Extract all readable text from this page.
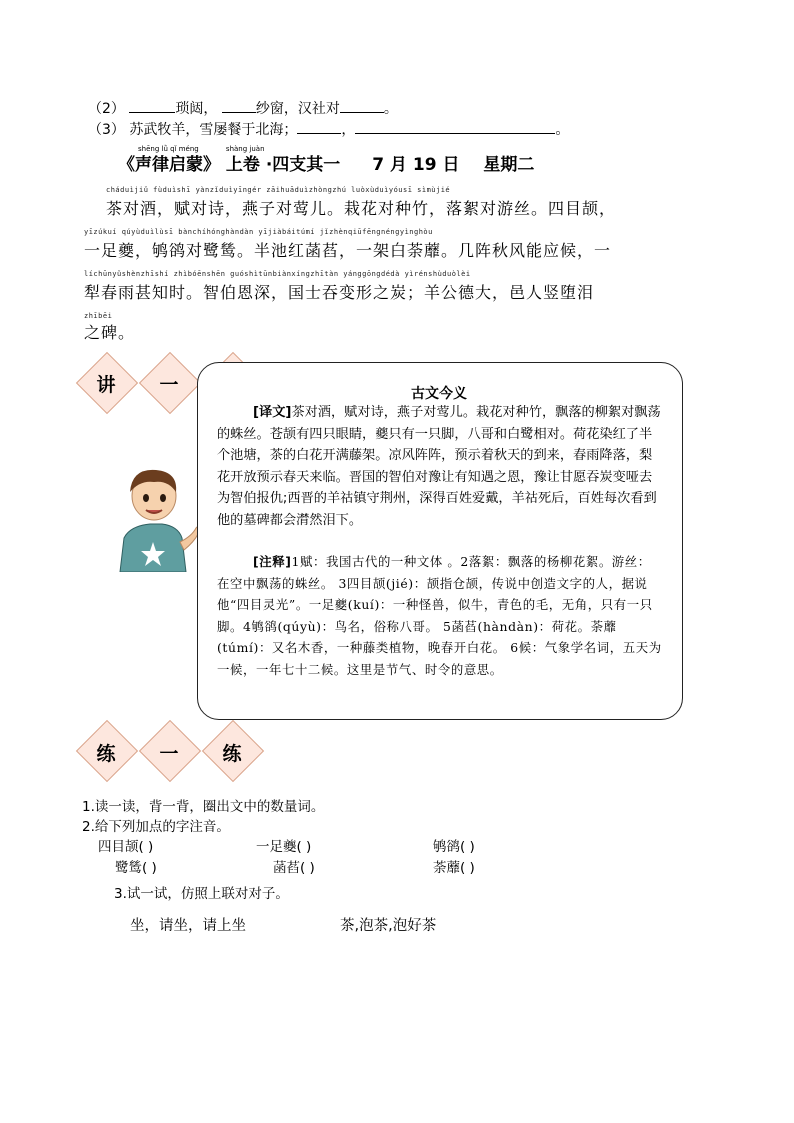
（2）	琐闼，	纱窗，汉社对	。
（3） 苏武牧羊，雪屡餐于北海；	，	。
shēng lǜ qǐ méng
《声律启蒙》
shàng juàn
上卷 ·四支其一 7 月 19 日 星期二
cháduìjiǔ fùduìshī yànzǐduìyīngér zāihuāduìzhòngzhú luòxùduìyóusī sìmùjié
茶对酒，赋对诗，燕子对莺儿。栽花对种竹，落絮对游丝。四目颉，
yīzúkuí qúyùduìlùsī bànchíhónghàndàn yījiàbáitúmí jǐzhènqiūfēngnéngyìnghòu
一足夔，鸲鹆对鹭鸶。半池红菡萏，一架白荼蘼。几阵秋风能应候，一
líchūnyǔshènzhīshí zhìbóēnshēn guóshìtūnbiànxíngzhītàn yánggōngdédà yìrénshùduòlèi
犁春雨甚知时。智伯恩深，国士吞变形之炭；羊公德大，邑人竖堕泪
zhībēi
之碑。
讲	一	古文今义
[译文]茶对酒，赋对诗，燕子对莺儿。栽花对种竹，飘落的柳絮对飘荡的蛛丝。苍颉有四只眼睛，夔只有一只脚，八哥和白鹭相对。荷花染红了半个池塘，茶的白花开满藤架。凉风阵阵，预示着秋天的到来，春雨降落，梨花开放预示春天来临。晋国的智伯对豫让有知遇之恩，豫让甘愿吞炭变哑去为智伯报仇;西晋的羊祜镇守荆州，深得百姓爱戴，羊祜死后，百姓每次看到他的墓碑都会潸然泪下。
[注释]1赋：我国古代的一种文体 。2落絮：飘落的杨柳花絮。游丝：在空中飘荡的蛛丝。 3四目颉(jié)：颉指仓颉，传说中创造文字的人，据说他“四目灵光”。一足夔(kuí)：一种怪兽，似牛，青色的毛，无角，只有一只脚。4鸲鹆(qúyù)：鸟名，俗称八哥。 5菡萏(hàndàn)：荷花。荼蘼(túmí)：又名木香，一种藤类植物，晚春开白花。 6候：气象学名词，五天为一候，一年七十二候。这里是节气、时令的意思。
练	一	练
1.读一读，背一背，圈出文中的数量词。
2.给下列加点的字注音。
四目颉( )	一足夔( )	鸲鹆( )
鹭鸶( )	菡萏( )	荼蘼( )
3.试一试，仿照上联对对子。
坐，请坐，请上坐	茶,泡茶,泡好茶
